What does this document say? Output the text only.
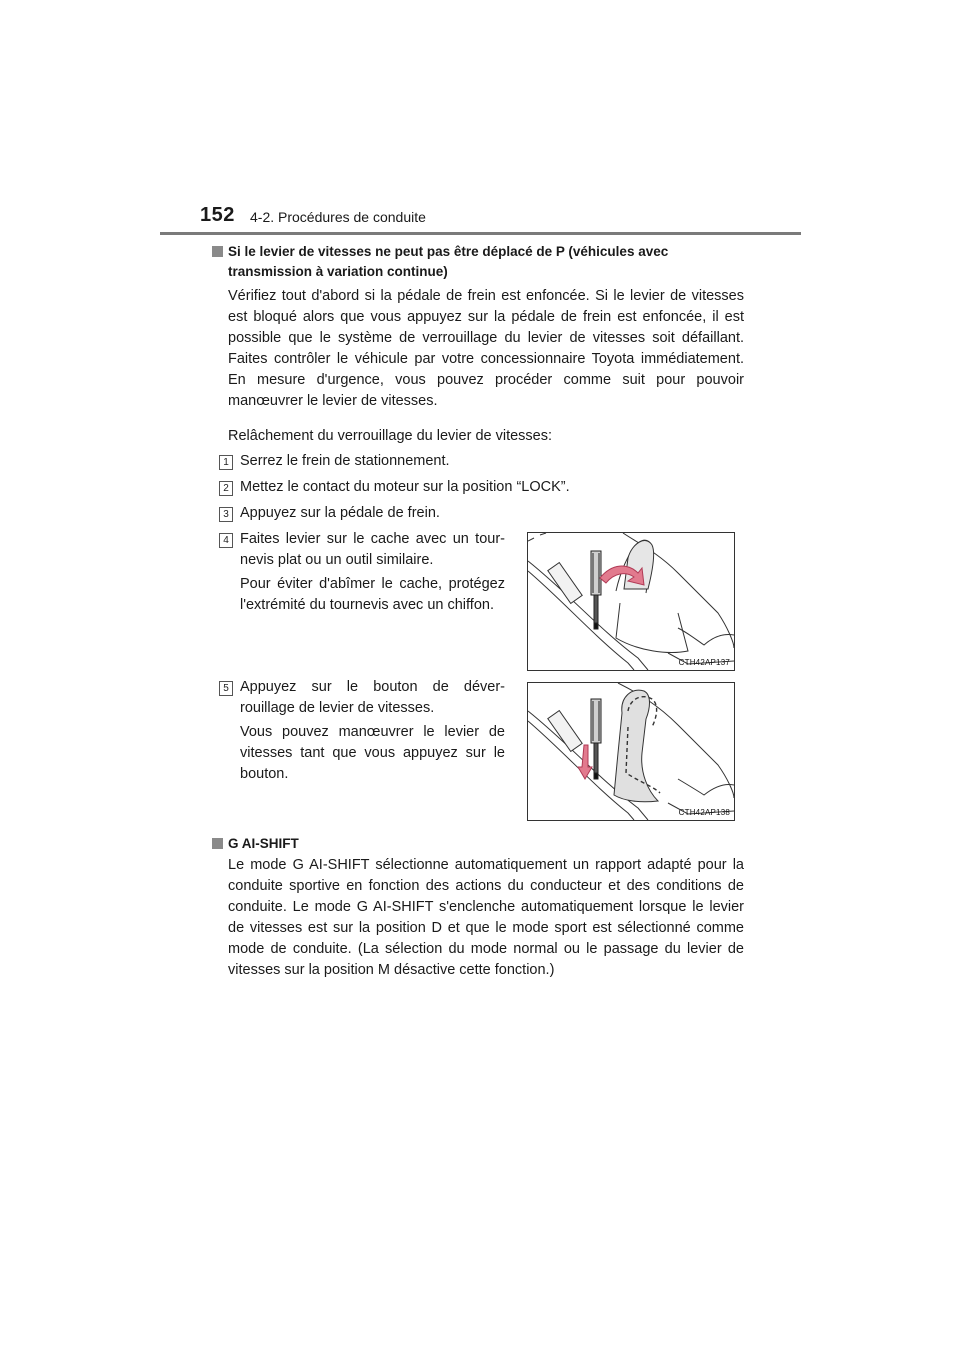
152 4-2. Procédures de conduite
Si le levier de vitesses ne peut pas être déplacé de P (véhicules avec
transmission à variation continue)

Vérifiez tout d'abord si la pédale de frein est enfoncée. Si le levier de vitesses est bloqué alors que vous appuyez sur la pédale de frein est enfoncée, il est possible que le système de verrouillage du levier de vitesses soit défaillant. Faites contrôler le véhicule par votre concessionnaire Toyota immédiatement. En mesure d'urgence, vous pouvez procéder comme suit pour pouvoir manœuvrer le levier de vitesses.

Relâchement du verrouillage du levier de vitesses:

1 Serrez le frein de stationnement.
2 Mettez le contact du moteur sur la position “LOCK”.
3 Appuyez sur la pédale de frein.
4 Faites levier sur le cache avec un tour-
nevis plat ou un outil similaire.
Pour éviter d'abîmer le cache, protégez l'extrémité du tournevis avec un chiffon.
CTH42AP137
5 Appuyez sur le bouton de déver-
rouillage de levier de vitesses.
Vous pouvez manœuvrer le levier de vitesses tant que vous appuyez sur le bouton.
CTH42AP138
G AI-SHIFT

Le mode G AI-SHIFT sélectionne automatiquement un rapport adapté pour la conduite sportive en fonction des actions du conducteur et des conditions de conduite. Le mode G AI-SHIFT s'enclenche automatiquement lorsque le levier de vitesses est sur la position D et que le mode sport est sélectionné comme mode de conduite. (La sélection du mode normal ou le passage du levier de vitesses sur la position M désactive cette fonction.)
